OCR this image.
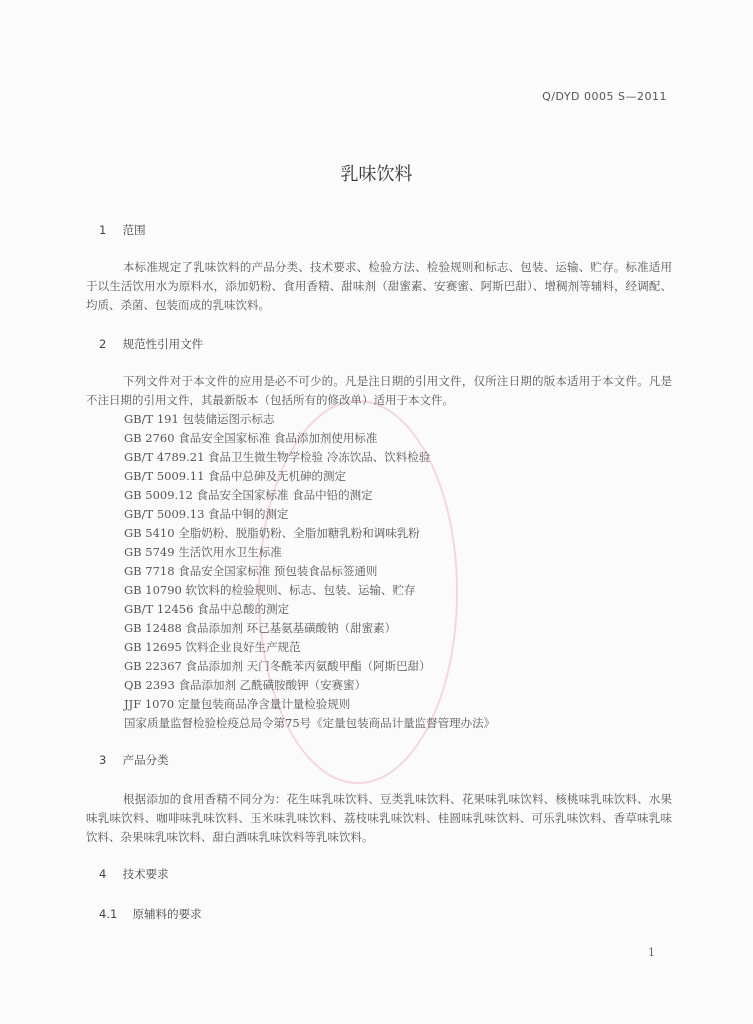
Q/DYD 0005 S—2011
乳味饮料
1 范围

本标准规定了乳味饮料的产品分类、技术要求、检验方法、检验规则和标志、包装、运输、贮存。标准适用于以生活饮用水为原料水，添加奶粉、食用香精、甜味剂（甜蜜素、安赛蜜、阿斯巴甜）、增稠剂等辅料，经调配、均质、杀菌、包装而成的乳味饮料。

2 规范性引用文件

下列文件对于本文件的应用是必不可少的。凡是注日期的引用文件，仅所注日期的版本适用于本文件。凡是不注日期的引用文件，其最新版本（包括所有的修改单）适用于本文件。

GB/T 191 包装储运图示标志
GB 2760 食品安全国家标准 食品添加剂使用标准
GB/T 4789.21 食品卫生微生物学检验 冷冻饮品、饮料检验
GB/T 5009.11 食品中总砷及无机砷的测定
GB 5009.12 食品安全国家标准 食品中铅的测定
GB/T 5009.13 食品中铜的测定
GB 5410 全脂奶粉、脱脂奶粉、全脂加糖乳粉和调味乳粉
GB 5749 生活饮用水卫生标准
GB 7718 食品安全国家标准 预包装食品标签通则
GB 10790 软饮料的检验规则、标志、包装、运输、贮存
GB/T 12456 食品中总酸的测定
GB 12488 食品添加剂 环己基氨基磺酸钠（甜蜜素）
GB 12695 饮料企业良好生产规范
GB 22367 食品添加剂 天门冬酰苯丙氨酸甲酯（阿斯巴甜）
QB 2393 食品添加剂 乙酰磺胺酸钾（安赛蜜）
JJF 1070 定量包装商品净含量计量检验规则
国家质量监督检验检疫总局令第75号《定量包装商品计量监督管理办法》
3 产品分类

根据添加的食用香精不同分为：花生味乳味饮料、豆类乳味饮料、花果味乳味饮料、核桃味乳味饮料、水果味乳味饮料、咖啡味乳味饮料、玉米味乳味饮料、荔枝味乳味饮料、桂圆味乳味饮料、可乐乳味饮料、香草味乳味饮料、杂果味乳味饮料、甜白酒味乳味饮料等乳味饮料。

4 技术要求
4.1 原辅料的要求
1
